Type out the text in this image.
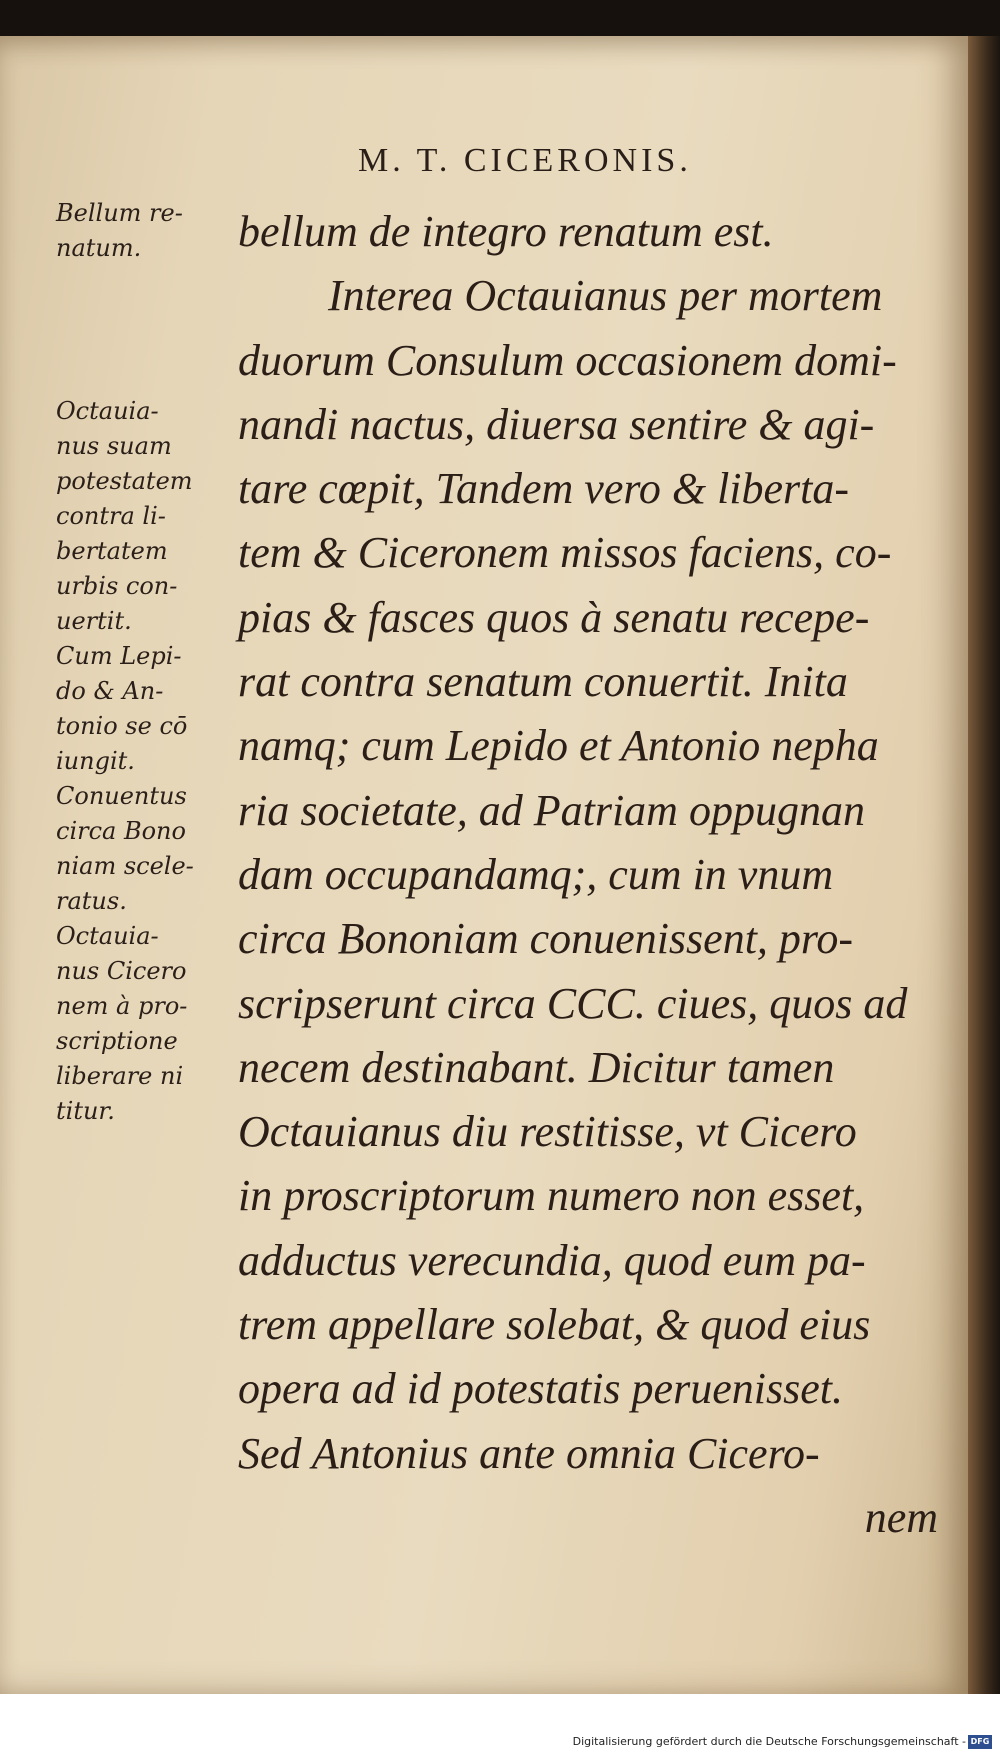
M. T. CICERONIS.

Bellum re-
natum.

Octauia-
nus suam
potestatem
contra li-
bertatem
urbis con-
uertit.

Cum Lepi-
do & An-
tonio se cō
iungit.

Conuentus
circa Bono
niam scele-
ratus.

Octauia-
nus Cicero
nem à pro-
scriptione
liberare ni
titur.

bellum de integro renatum est.
Interea Octauianus per mortem
duorum Consulum occasionem domi-
nandi nactus, diuersa sentire & agi-
tare cœpit, Tandem vero & liberta-
tem & Ciceronem missos faciens, co-
pias & fasces quos à senatu recepe-
rat contra senatum conuertit. Inita
namq; cum Lepido et Antonio nepha
ria societate, ad Patriam oppugnan
dam occupandamq;, cum in vnum
circa Bononiam conuenissent, pro-
scripserunt circa CCC. ciues, quos ad
necem destinabant. Dicitur tamen
Octauianus diu restitisse, vt Cicero
in proscriptorum numero non esset,
adductus verecundia, quod eum pa-
trem appellare solebat, & quod eius
opera ad id potestatis peruenisset.
Sed Antonius ante omnia Cicero-
nem
Digitalisierung gefördert durch die Deutsche Forschungsgemeinschaft - DFG
